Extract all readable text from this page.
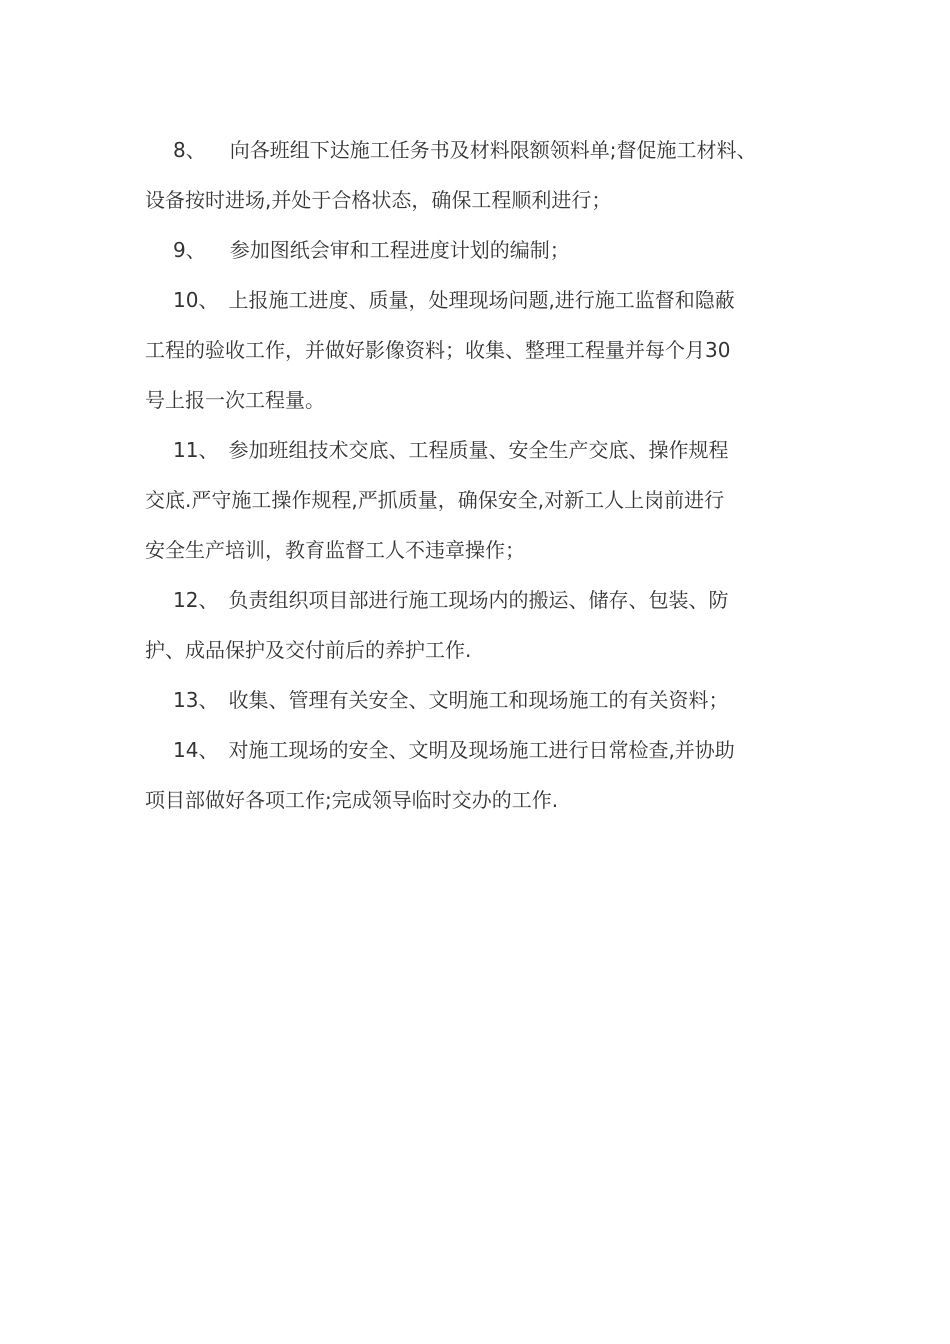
8、 向各班组下达施工任务书及材料限额领料单;督促施工材料、
设备按时进场,并处于合格状态，确保工程顺利进行；
9、 参加图纸会审和工程进度计划的编制；
10、 上报施工进度、质量，处理现场问题,进行施工监督和隐蔽
工程的验收工作，并做好影像资料；收集、整理工程量并每个月30
号上报一次工程量。
11、 参加班组技术交底、工程质量、安全生产交底、操作规程
交底.严守施工操作规程,严抓质量，确保安全,对新工人上岗前进行
安全生产培训，教育监督工人不违章操作；
12、 负责组织项目部进行施工现场内的搬运、储存、包装、防
护、成品保护及交付前后的养护工作.
13、 收集、管理有关安全、文明施工和现场施工的有关资料；
14、 对施工现场的安全、文明及现场施工进行日常检查,并协助
项目部做好各项工作;完成领导临时交办的工作.
